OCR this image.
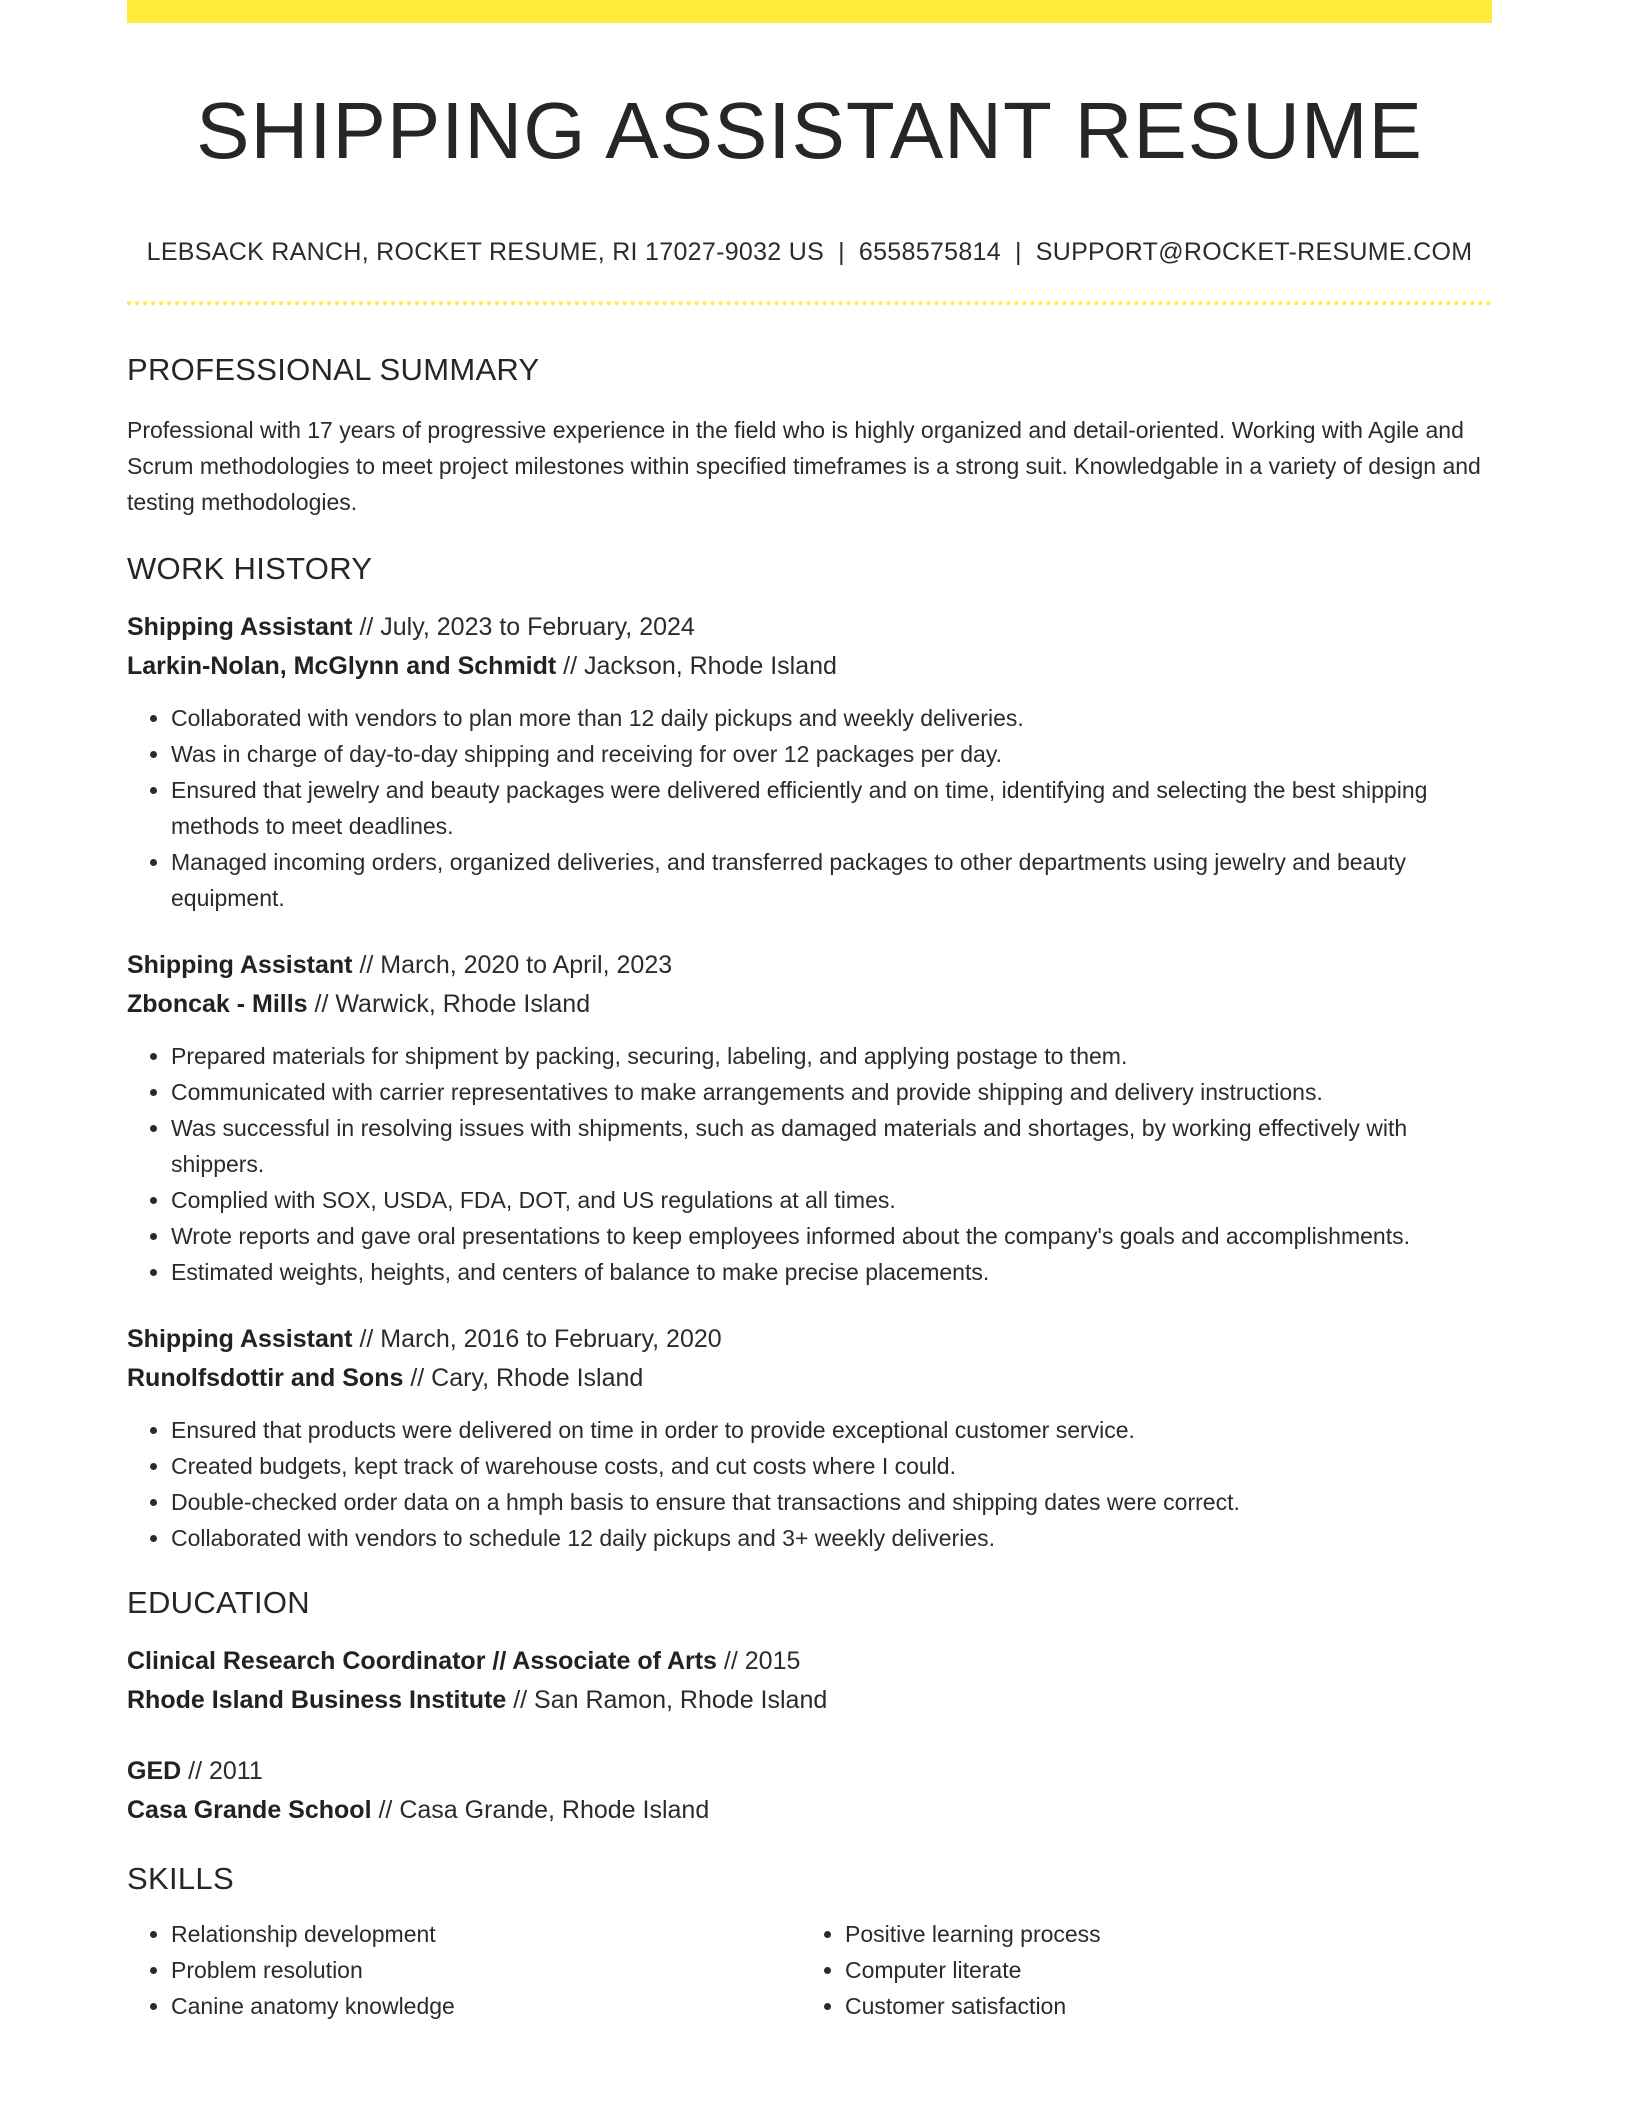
SHIPPING ASSISTANT RESUME
LEBSACK RANCH, ROCKET RESUME, RI 17027-9032 US | 6558575814 | SUPPORT@ROCKET-RESUME.COM
PROFESSIONAL SUMMARY

Professional with 17 years of progressive experience in the field who is highly organized and detail-oriented. Working with Agile and Scrum methodologies to meet project milestones within specified timeframes is a strong suit. Knowledgable in a variety of design and testing methodologies.

WORK HISTORY
Shipping Assistant // July, 2023 to February, 2024
Larkin-Nolan, McGlynn and Schmidt // Jackson, Rhode Island
• Collaborated with vendors to plan more than 12 daily pickups and weekly deliveries.
• Was in charge of day-to-day shipping and receiving for over 12 packages per day.
• Ensured that jewelry and beauty packages were delivered efficiently and on time, identifying and selecting the best shipping methods to meet deadlines.
• Managed incoming orders, organized deliveries, and transferred packages to other departments using jewelry and beauty equipment.
Shipping Assistant // March, 2020 to April, 2023
Zboncak - Mills // Warwick, Rhode Island
• Prepared materials for shipment by packing, securing, labeling, and applying postage to them.
• Communicated with carrier representatives to make arrangements and provide shipping and delivery instructions.
• Was successful in resolving issues with shipments, such as damaged materials and shortages, by working effectively with shippers.
• Complied with SOX, USDA, FDA, DOT, and US regulations at all times.
• Wrote reports and gave oral presentations to keep employees informed about the company's goals and accomplishments.
• Estimated weights, heights, and centers of balance to make precise placements.
Shipping Assistant // March, 2016 to February, 2020
Runolfsdottir and Sons // Cary, Rhode Island
• Ensured that products were delivered on time in order to provide exceptional customer service.
• Created budgets, kept track of warehouse costs, and cut costs where I could.
• Double-checked order data on a hmph basis to ensure that transactions and shipping dates were correct.
• Collaborated with vendors to schedule 12 daily pickups and 3+ weekly deliveries.
EDUCATION
Clinical Research Coordinator // Associate of Arts // 2015
Rhode Island Business Institute // San Ramon, Rhode Island
GED // 2011
Casa Grande School // Casa Grande, Rhode Island
SKILLS
• Relationship development
• Problem resolution
• Canine anatomy knowledge
• Positive learning process
• Computer literate
• Customer satisfaction
